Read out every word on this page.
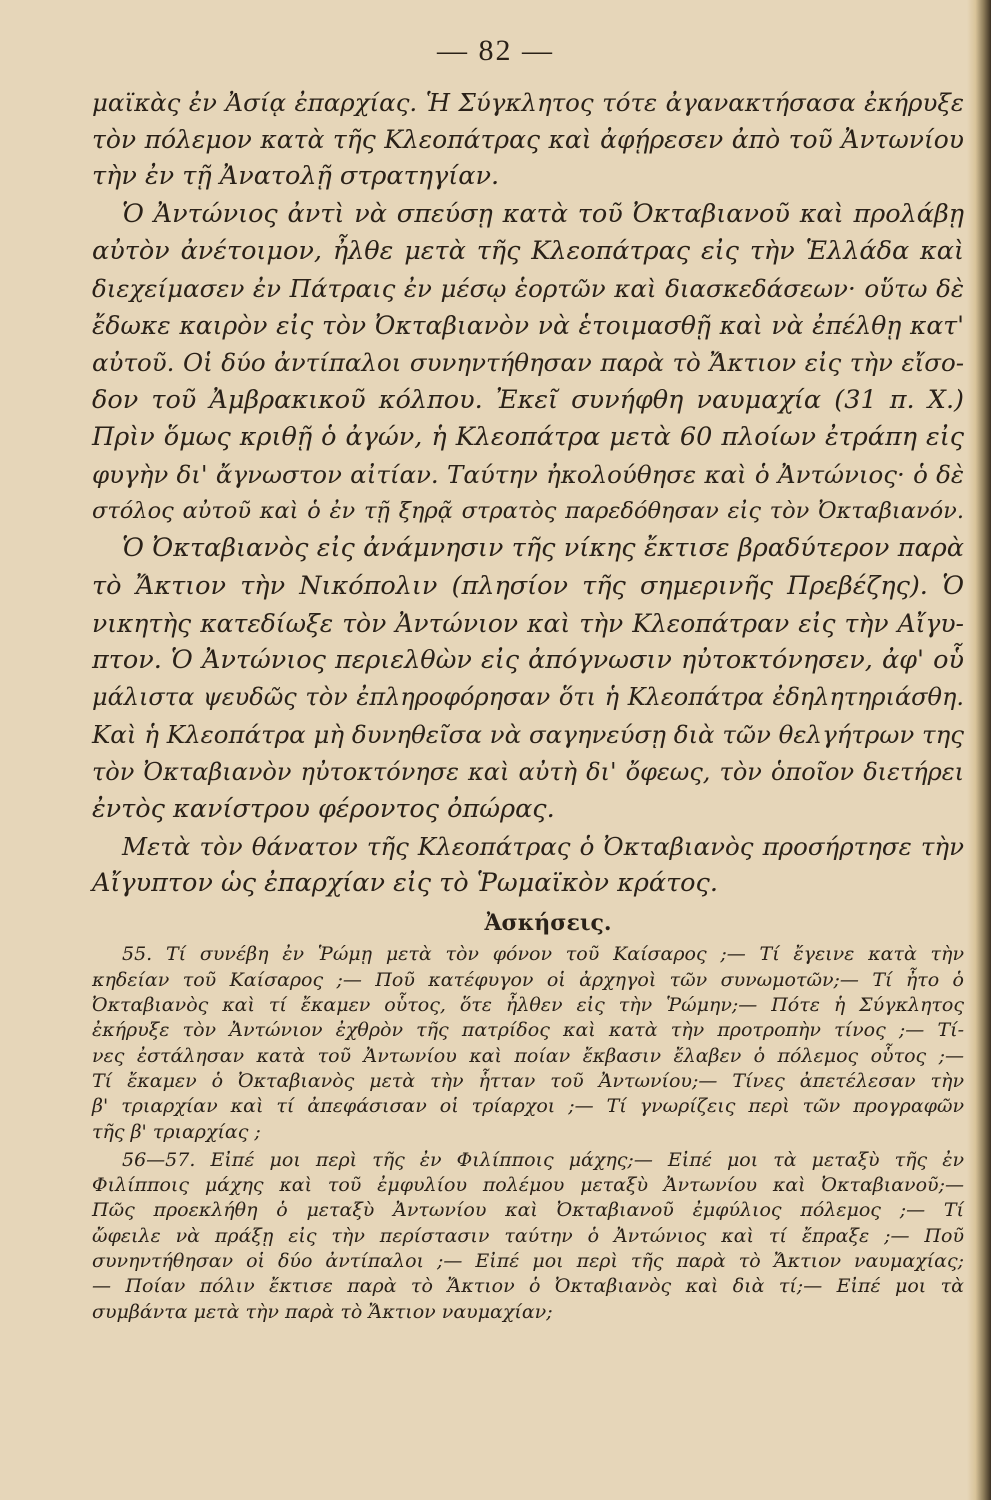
— 82 —
μαϊκὰς ἐν Ἀσίᾳ ἐπαρχίας. Ἡ Σύγκλητος τότε ἀγανακτήσασα ἐκήρυξε
τὸν πόλεμον κατὰ τῆς Κλεοπάτρας καὶ ἀφῄρεσεν ἀπὸ τοῦ Ἀντωνίου
τὴν ἐν τῇ Ἀνατολῇ στρατηγίαν.
Ὁ Ἀντώνιος ἀντὶ νὰ σπεύσῃ κατὰ τοῦ Ὀκταβιανοῦ καὶ προλάβῃ
αὐτὸν ἀνέτοιμον, ἦλθε μετὰ τῆς Κλεοπάτρας εἰς τὴν Ἑλλάδα καὶ
διεχείμασεν ἐν Πάτραις ἐν μέσῳ ἑορτῶν καὶ διασκεδάσεων· οὕτω δὲ
ἔδωκε καιρὸν εἰς τὸν Ὀκταβιανὸν νὰ ἑτοιμασθῇ καὶ νὰ ἐπέλθῃ κατ'
αὐτοῦ. Οἱ δύο ἀντίπαλοι συνηντήθησαν παρὰ τὸ Ἄκτιον εἰς τὴν εἴσο-
δον τοῦ Ἀμβρακικοῦ κόλπου. Ἐκεῖ συνήφθη ναυμαχία (31 π. Χ.)
Πρὶν ὅμως κριθῇ ὁ ἀγών, ἡ Κλεοπάτρα μετὰ 60 πλοίων ἐτράπη εἰς
φυγὴν δι' ἄγνωστον αἰτίαν. Ταύτην ἠκολούθησε καὶ ὁ Ἀντώνιος· ὁ δὲ
στόλος αὐτοῦ καὶ ὁ ἐν τῇ ξηρᾷ στρατὸς παρεδόθησαν εἰς τὸν Ὀκταβιανόν.
Ὁ Ὀκταβιανὸς εἰς ἀνάμνησιν τῆς νίκης ἔκτισε βραδύτερον παρὰ
τὸ Ἄκτιον τὴν Νικόπολιν (πλησίον τῆς σημερινῆς Πρεβέζης). Ὁ
νικητὴς κατεδίωξε τὸν Ἀντώνιον καὶ τὴν Κλεοπάτραν εἰς τὴν Αἴγυ-
πτον. Ὁ Ἀντώνιος περιελθὼν εἰς ἀπόγνωσιν ηὐτοκτόνησεν, ἀφ' οὗ
μάλιστα ψευδῶς τὸν ἐπληροφόρησαν ὅτι ἡ Κλεοπάτρα ἐδηλητηριάσθη.
Καὶ ἡ Κλεοπάτρα μὴ δυνηθεῖσα νὰ σαγηνεύσῃ διὰ τῶν θελγήτρων της
τὸν Ὀκταβιανὸν ηὐτοκτόνησε καὶ αὐτὴ δι' ὄφεως, τὸν ὁποῖον διετήρει
ἐντὸς κανίστρου φέροντος ὀπώρας.
Μετὰ τὸν θάνατον τῆς Κλεοπάτρας ὁ Ὀκταβιανὸς προσήρτησε τὴν
Αἴγυπτον ὡς ἐπαρχίαν εἰς τὸ Ῥωμαϊκὸν κράτος.
Ἀσκήσεις.
55. Τί συνέβη ἐν Ῥώμῃ μετὰ τὸν φόνον τοῦ Καίσαρος ;— Τί ἔγεινε κατὰ τὴν
κηδείαν τοῦ Καίσαρος ;— Ποῦ κατέφυγον οἱ ἀρχηγοὶ τῶν συνωμοτῶν;— Τί ἦτο ὁ
Ὀκταβιανὸς καὶ τί ἔκαμεν οὗτος, ὅτε ἦλθεν εἰς τὴν Ῥώμην;— Πότε ἡ Σύγκλητος
ἐκήρυξε τὸν Ἀντώνιον ἐχθρὸν τῆς πατρίδος καὶ κατὰ τὴν προτροπὴν τίνος ;— Τί-
νες ἐστάλησαν κατὰ τοῦ Ἀντωνίου καὶ ποίαν ἔκβασιν ἔλαβεν ὁ πόλεμος οὗτος ;—
Τί ἔκαμεν ὁ Ὀκταβιανὸς μετὰ τὴν ἧτταν τοῦ Ἀντωνίου;— Τίνες ἀπετέλεσαν τὴν
β' τριαρχίαν καὶ τί ἀπεφάσισαν οἱ τρίαρχοι ;— Τί γνωρίζεις περὶ τῶν προγραφῶν
τῆς β' τριαρχίας ;
56—57. Εἰπέ μοι περὶ τῆς ἐν Φιλίπποις μάχης;— Εἰπέ μοι τὰ μεταξὺ τῆς ἐν
Φιλίπποις μάχης καὶ τοῦ ἐμφυλίου πολέμου μεταξὺ Ἀντωνίου καὶ Ὀκταβιανοῦ;—
Πῶς προεκλήθη ὁ μεταξὺ Ἀντωνίου καὶ Ὀκταβιανοῦ ἐμφύλιος πόλεμος ;— Τί
ὤφειλε νὰ πράξῃ εἰς τὴν περίστασιν ταύτην ὁ Ἀντώνιος καὶ τί ἔπραξε ;— Ποῦ
συνηντήθησαν οἱ δύο ἀντίπαλοι ;— Εἰπέ μοι περὶ τῆς παρὰ τὸ Ἄκτιον ναυμαχίας;
— Ποίαν πόλιν ἔκτισε παρὰ τὸ Ἄκτιον ὁ Ὀκταβιανὸς καὶ διὰ τί;— Εἰπέ μοι τὰ
συμβάντα μετὰ τὴν παρὰ τὸ Ἄκτιον ναυμαχίαν;
